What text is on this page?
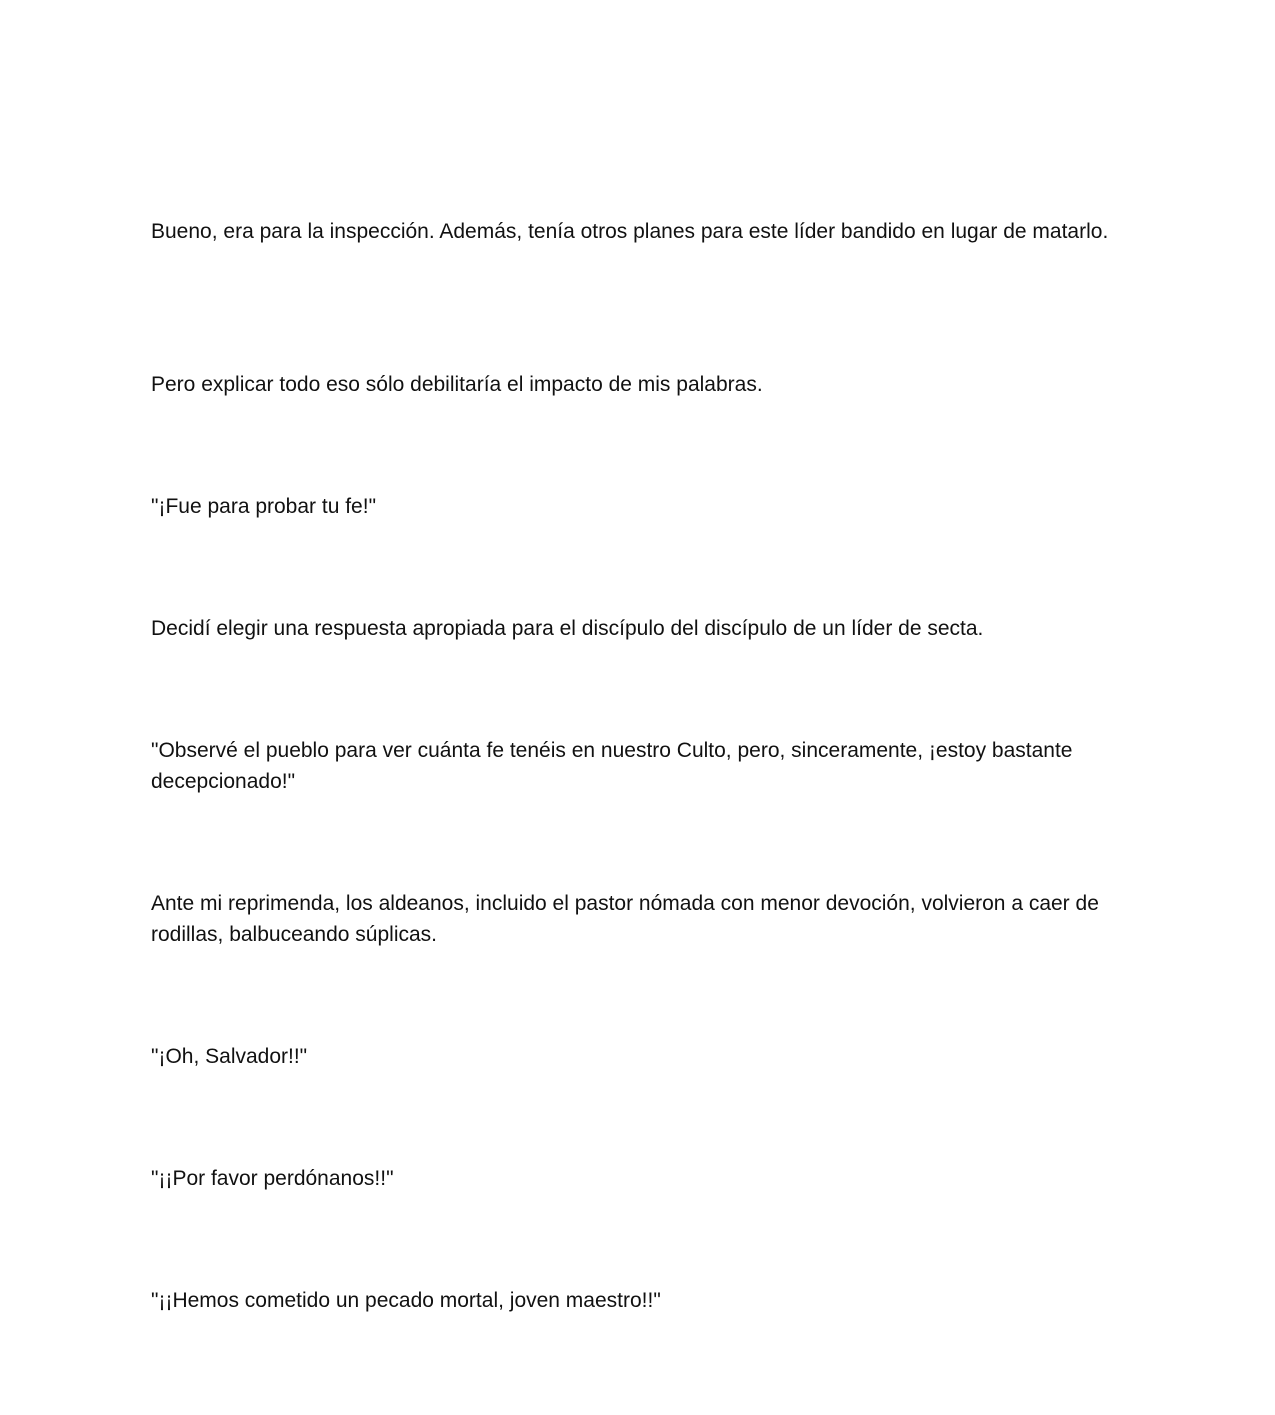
Bueno, era para la inspección. Además, tenía otros planes para este líder bandido en lugar de matarlo.

Pero explicar todo eso sólo debilitaría el impacto de mis palabras.

"¡Fue para probar tu fe!"

Decidí elegir una respuesta apropiada para el discípulo del discípulo de un líder de secta.

"Observé el pueblo para ver cuánta fe tenéis en nuestro Culto, pero, sinceramente, ¡estoy bastante decepcionado!"

Ante mi reprimenda, los aldeanos, incluido el pastor nómada con menor devoción, volvieron a caer de rodillas, balbuceando súplicas.

"¡Oh, Salvador!!"

"¡¡Por favor perdónanos!!"

"¡¡Hemos cometido un pecado mortal, joven maestro!!"
